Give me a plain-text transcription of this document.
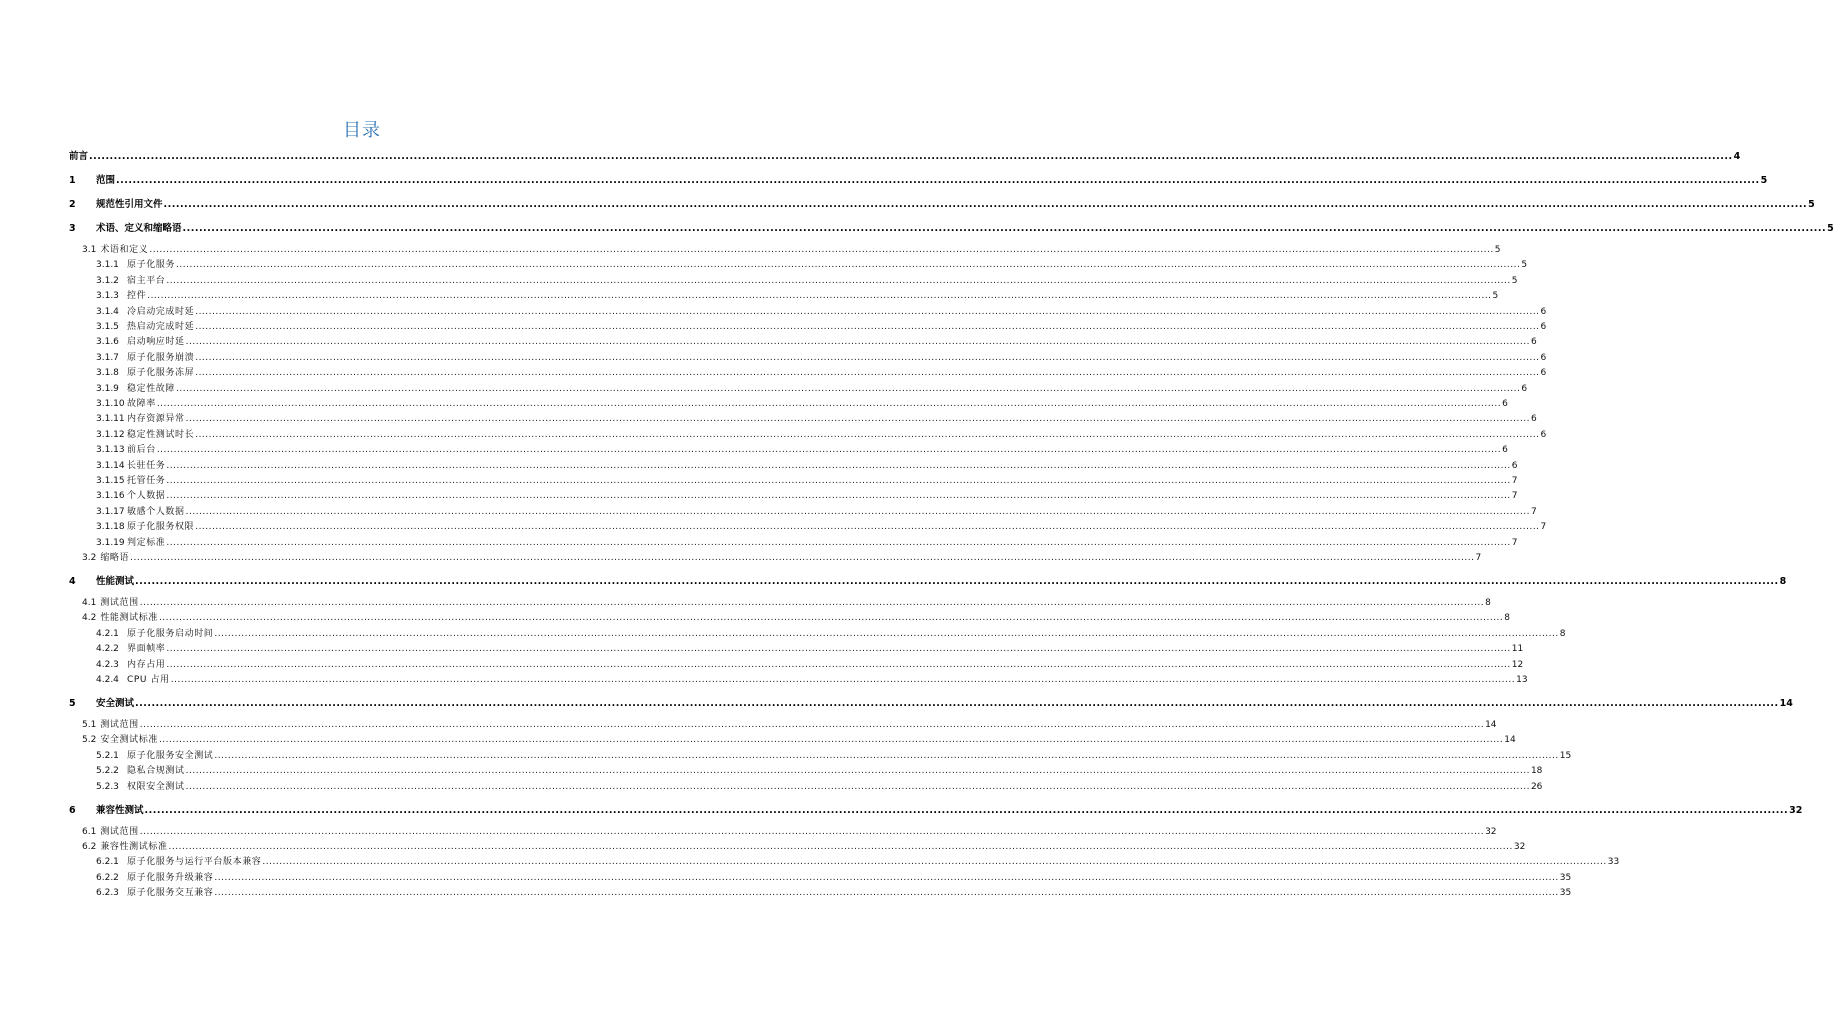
目录
前言 ................................................................................................................................................................................................................................................................................................................................................................................................................ 4
1	范围 ................................................................................................................................................................................................................................................................................................................................................................................................................ 5
2	规范性引用文件 ................................................................................................................................................................................................................................................................................................................................................................................................................ 5
3	术语、定义和缩略语 ................................................................................................................................................................................................................................................................................................................................................................................................................ 5
3.1 术语和定义 ................................................................................................................................................................................................................................................................................................................................................................................................................ 5
3.1.1 原子化服务 ................................................................................................................................................................................................................................................................................................................................................................................................................ 5
3.1.2 宿主平台 ................................................................................................................................................................................................................................................................................................................................................................................................................ 5
3.1.3 控件 ................................................................................................................................................................................................................................................................................................................................................................................................................ 5
3.1.4 冷启动完成时延 ................................................................................................................................................................................................................................................................................................................................................................................................................ 6
3.1.5 热启动完成时延 ................................................................................................................................................................................................................................................................................................................................................................................................................ 6
3.1.6 启动响应时延 ................................................................................................................................................................................................................................................................................................................................................................................................................ 6
3.1.7 原子化服务崩溃 ................................................................................................................................................................................................................................................................................................................................................................................................................ 6
3.1.8 原子化服务冻屏 ................................................................................................................................................................................................................................................................................................................................................................................................................ 6
3.1.9 稳定性故障 ................................................................................................................................................................................................................................................................................................................................................................................................................ 6
3.1.10 故障率 ................................................................................................................................................................................................................................................................................................................................................................................................................ 6
3.1.11 内存资源异常 ................................................................................................................................................................................................................................................................................................................................................................................................................ 6
3.1.12 稳定性测试时长 ................................................................................................................................................................................................................................................................................................................................................................................................................ 6
3.1.13 前后台 ................................................................................................................................................................................................................................................................................................................................................................................................................ 6
3.1.14 长驻任务 ................................................................................................................................................................................................................................................................................................................................................................................................................ 6
3.1.15 托管任务 ................................................................................................................................................................................................................................................................................................................................................................................................................ 7
3.1.16 个人数据 ................................................................................................................................................................................................................................................................................................................................................................................................................ 7
3.1.17 敏感个人数据 ................................................................................................................................................................................................................................................................................................................................................................................................................ 7
3.1.18 原子化服务权限 ................................................................................................................................................................................................................................................................................................................................................................................................................ 7
3.1.19 判定标准 ................................................................................................................................................................................................................................................................................................................................................................................................................ 7
3.2 缩略语 ................................................................................................................................................................................................................................................................................................................................................................................................................ 7
4	性能测试 ................................................................................................................................................................................................................................................................................................................................................................................................................ 8
4.1 测试范围 ................................................................................................................................................................................................................................................................................................................................................................................................................ 8
4.2 性能测试标准 ................................................................................................................................................................................................................................................................................................................................................................................................................ 8
4.2.1 原子化服务启动时间 ................................................................................................................................................................................................................................................................................................................................................................................................................ 8
4.2.2 界面帧率 ................................................................................................................................................................................................................................................................................................................................................................................................................ 11
4.2.3 内存占用 ................................................................................................................................................................................................................................................................................................................................................................................................................ 12
4.2.4 CPU 占用 ................................................................................................................................................................................................................................................................................................................................................................................................................ 13
5	安全测试 ................................................................................................................................................................................................................................................................................................................................................................................................................ 14
5.1 测试范围 ................................................................................................................................................................................................................................................................................................................................................................................................................ 14
5.2 安全测试标准 ................................................................................................................................................................................................................................................................................................................................................................................................................ 14
5.2.1 原子化服务安全测试 ................................................................................................................................................................................................................................................................................................................................................................................................................ 15
5.2.2 隐私合规测试 ................................................................................................................................................................................................................................................................................................................................................................................................................ 18
5.2.3 权限安全测试 ................................................................................................................................................................................................................................................................................................................................................................................................................ 26
6	兼容性测试 ................................................................................................................................................................................................................................................................................................................................................................................................................ 32
6.1 测试范围 ................................................................................................................................................................................................................................................................................................................................................................................................................ 32
6.2 兼容性测试标准 ................................................................................................................................................................................................................................................................................................................................................................................................................ 32
6.2.1 原子化服务与运行平台版本兼容 ................................................................................................................................................................................................................................................................................................................................................................................................................ 33
6.2.2 原子化服务升级兼容 ................................................................................................................................................................................................................................................................................................................................................................................................................ 35
6.2.3 原子化服务交互兼容 ................................................................................................................................................................................................................................................................................................................................................................................................................ 35
